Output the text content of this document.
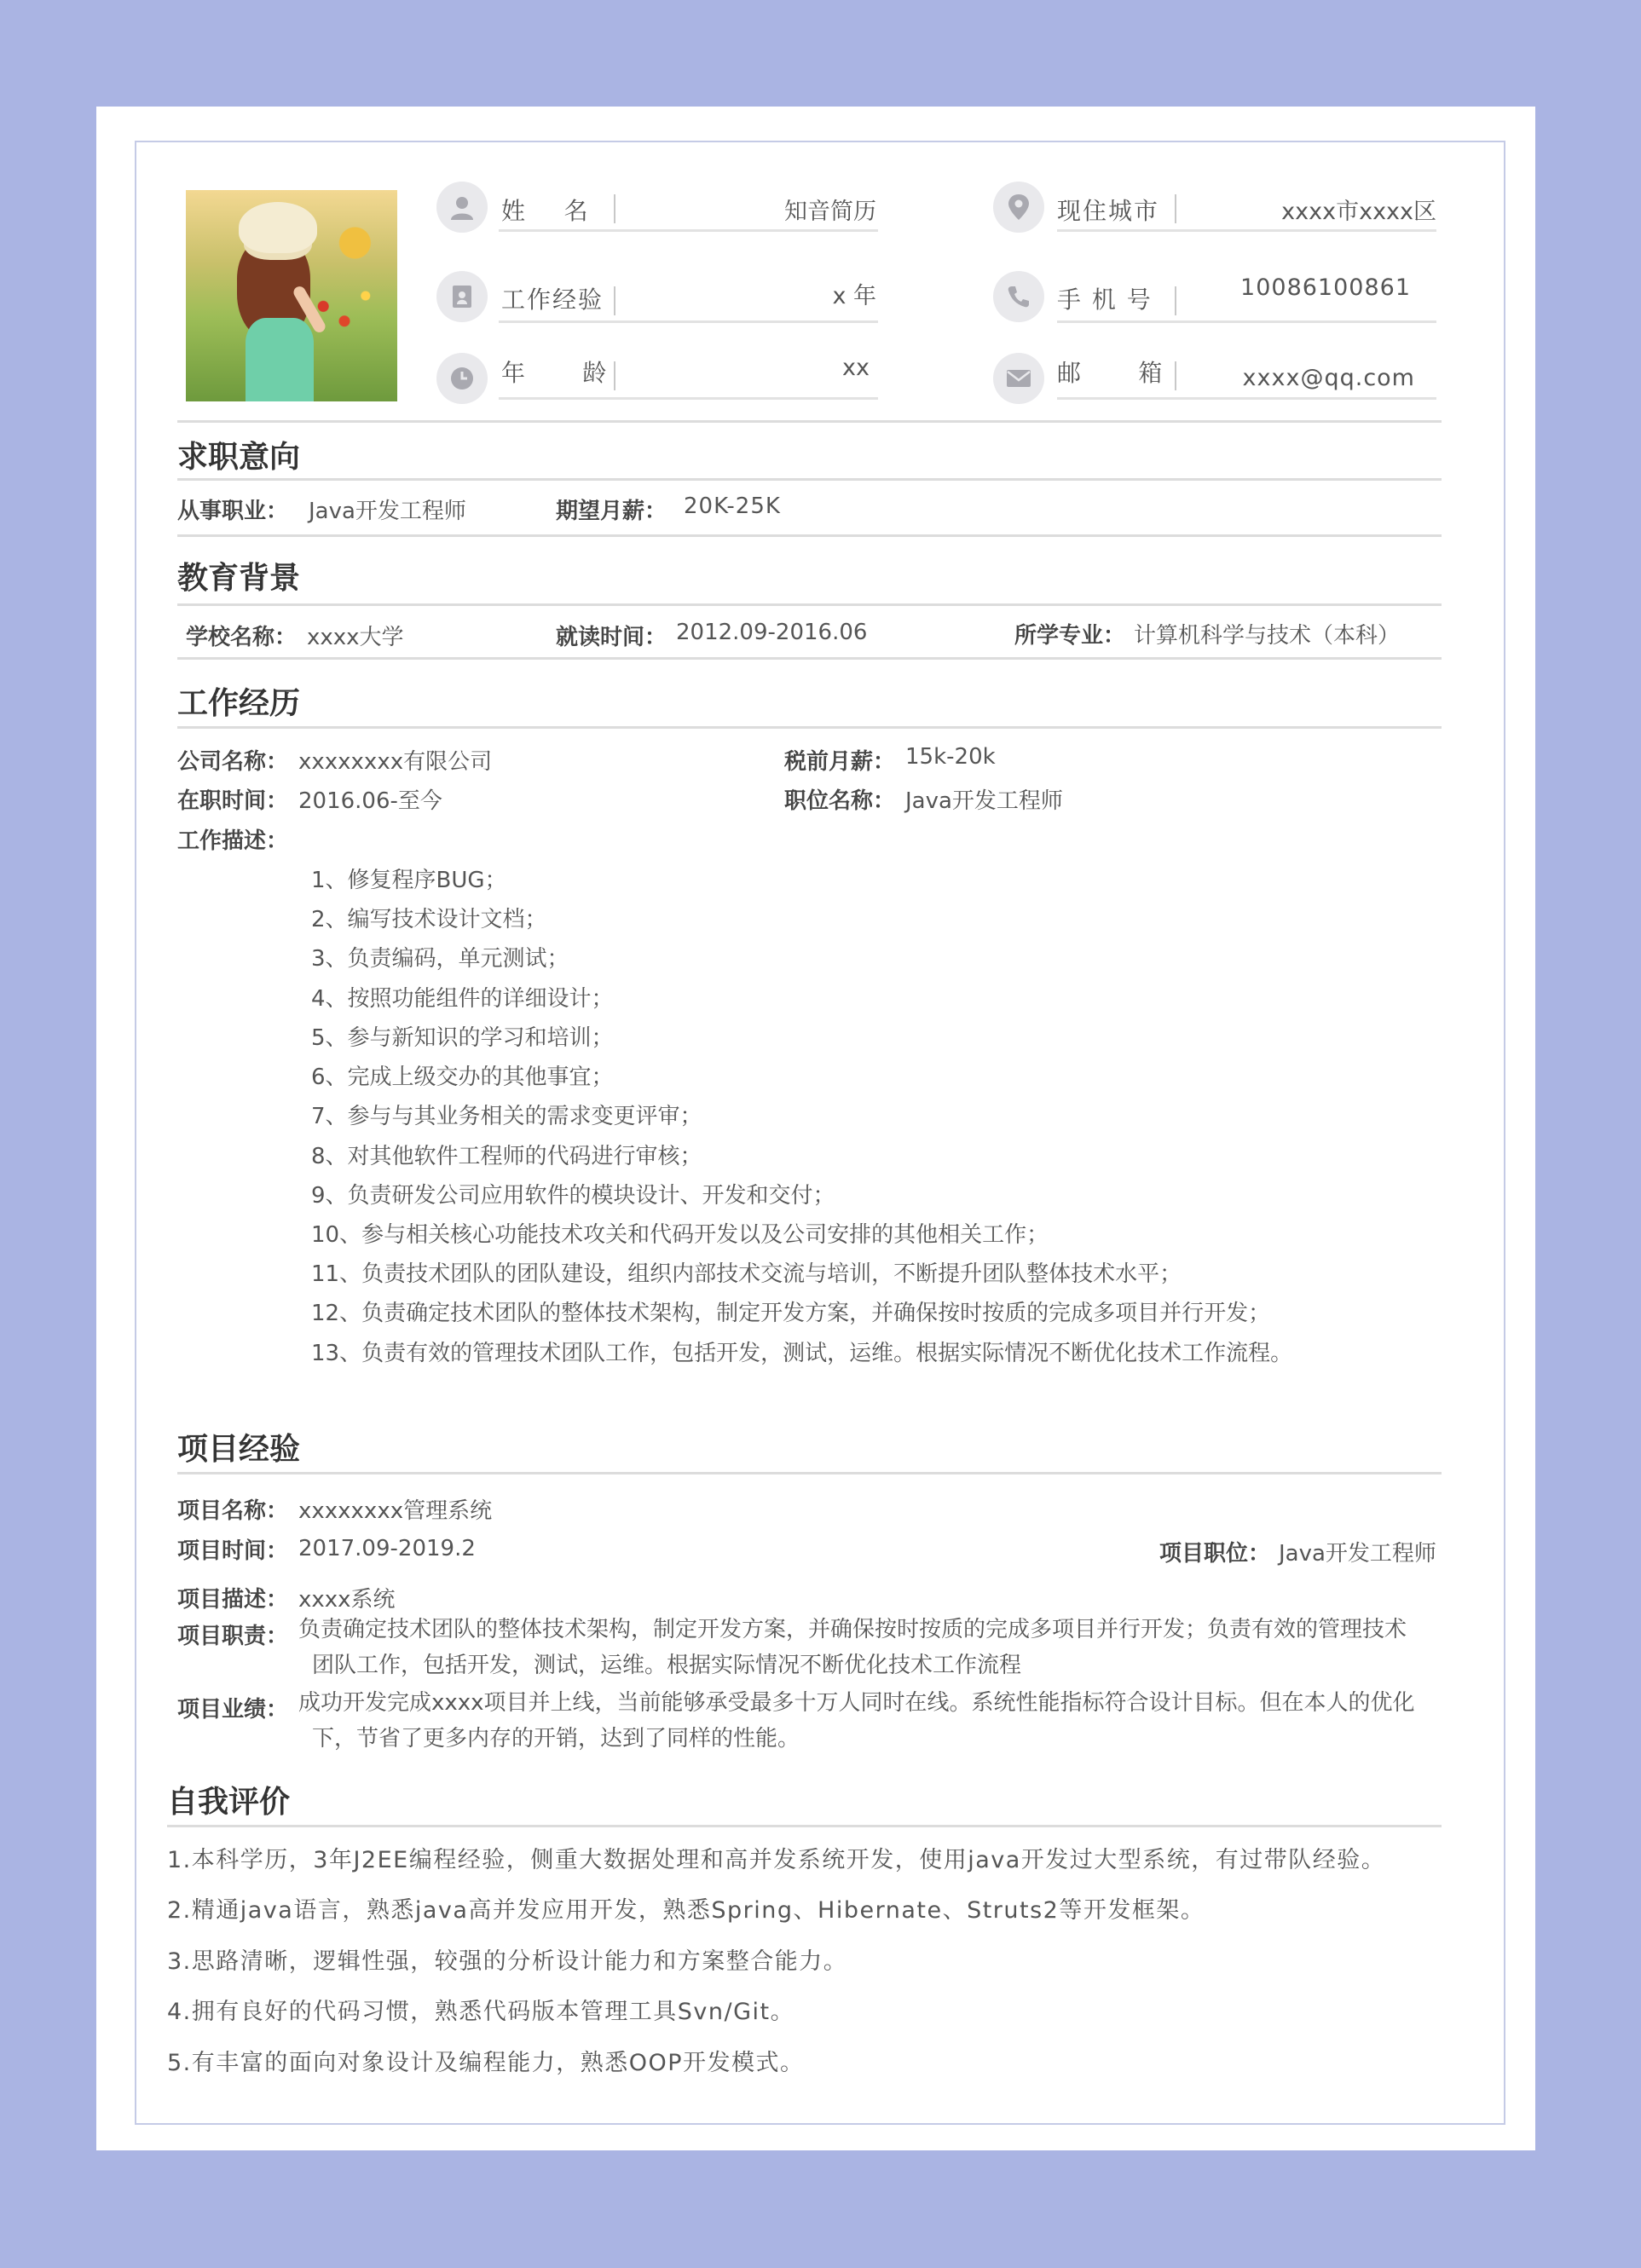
姓    名	知音简历
工作经验	x 年
年      龄	xx
现住城市	xxxx市xxxx区
手 机 号	10086100861
邮      箱	xxxx@qq.com
求职意向
从事职业： Java开发工程师	期望月薪： 20K-25K
教育背景
学校名称： xxxx大学	就读时间： 2012.09-2016.06	所学专业： 计算机科学与技术（本科）
工作经历
公司名称： xxxxxxxx有限公司	税前月薪： 15k-20k
在职时间： 2016.06-至今	职位名称： Java开发工程师
工作描述：
1、修复程序BUG；
2、编写技术设计文档；
3、负责编码，单元测试；
4、按照功能组件的详细设计；
5、参与新知识的学习和培训；
6、完成上级交办的其他事宜；
7、参与与其业务相关的需求变更评审；
8、对其他软件工程师的代码进行审核；
9、负责研发公司应用软件的模块设计、开发和交付；
10、参与相关核心功能技术攻关和代码开发以及公司安排的其他相关工作；
11、负责技术团队的团队建设，组织内部技术交流与培训，不断提升团队整体技术水平；
12、负责确定技术团队的整体技术架构，制定开发方案，并确保按时按质的完成多项目并行开发；
13、负责有效的管理技术团队工作，包括开发，测试，运维。根据实际情况不断优化技术工作流程。
项目经验
项目名称： xxxxxxxx管理系统
项目时间： 2017.09-2019.2	项目职位： Java开发工程师
项目描述： xxxx系统
项目职责： 负责确定技术团队的整体技术架构，制定开发方案，并确保按时按质的完成多项目并行开发；负责有效的管理技术团队工作，包括开发，测试，运维。根据实际情况不断优化技术工作流程
项目业绩： 成功开发完成xxxx项目并上线，当前能够承受最多十万人同时在线。系统性能指标符合设计目标。但在本人的优化下，节省了更多内存的开销，达到了同样的性能。
自我评价
1.本科学历，3年J2EE编程经验，侧重大数据处理和高并发系统开发，使用java开发过大型系统，有过带队经验。
2.精通java语言，熟悉java高并发应用开发，熟悉Spring、Hibernate、Struts2等开发框架。
3.思路清晰，逻辑性强，较强的分析设计能力和方案整合能力。
4.拥有良好的代码习惯，熟悉代码版本管理工具Svn/Git。
5.有丰富的面向对象设计及编程能力，熟悉OOP开发模式。
